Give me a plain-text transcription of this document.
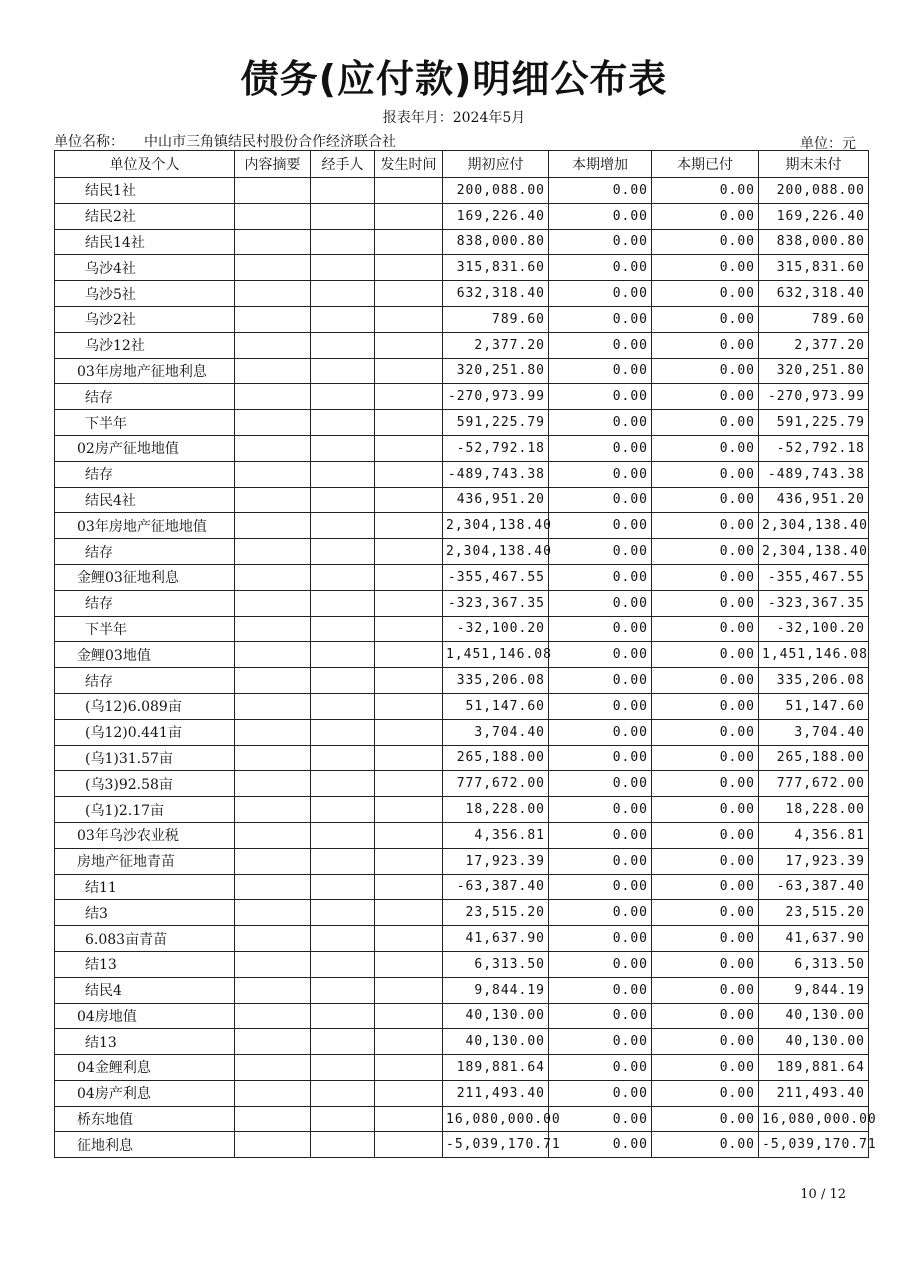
债务(应付款)明细公布表
报表年月：2024年5月
单位名称： 中山市三角镇结民村股份合作经济联合社	单位：元
单位及个人	内容摘要	经手人	发生时间	期初应付	本期增加	本期已付	期末未付
结民1社				200,088.00	0.00	0.00	200,088.00
结民2社				169,226.40	0.00	0.00	169,226.40
结民14社				838,000.80	0.00	0.00	838,000.80
乌沙4社				315,831.60	0.00	0.00	315,831.60
乌沙5社				632,318.40	0.00	0.00	632,318.40
乌沙2社				789.60	0.00	0.00	789.60
乌沙12社				2,377.20	0.00	0.00	2,377.20
03年房地产征地利息				320,251.80	0.00	0.00	320,251.80
结存				-270,973.99	0.00	0.00	-270,973.99
下半年				591,225.79	0.00	0.00	591,225.79
02房产征地地值				-52,792.18	0.00	0.00	-52,792.18
结存				-489,743.38	0.00	0.00	-489,743.38
结民4社				436,951.20	0.00	0.00	436,951.20
03年房地产征地地值				2,304,138.40	0.00	0.00	2,304,138.40
结存				2,304,138.40	0.00	0.00	2,304,138.40
金鲤03征地利息				-355,467.55	0.00	0.00	-355,467.55
结存				-323,367.35	0.00	0.00	-323,367.35
下半年				-32,100.20	0.00	0.00	-32,100.20
金鲤03地值				1,451,146.08	0.00	0.00	1,451,146.08
结存				335,206.08	0.00	0.00	335,206.08
(乌12)6.089亩				51,147.60	0.00	0.00	51,147.60
(乌12)0.441亩				3,704.40	0.00	0.00	3,704.40
(乌1)31.57亩				265,188.00	0.00	0.00	265,188.00
(乌3)92.58亩				777,672.00	0.00	0.00	777,672.00
(乌1)2.17亩				18,228.00	0.00	0.00	18,228.00
03年乌沙农业税				4,356.81	0.00	0.00	4,356.81
房地产征地青苗				17,923.39	0.00	0.00	17,923.39
结11				-63,387.40	0.00	0.00	-63,387.40
结3				23,515.20	0.00	0.00	23,515.20
6.083亩青苗				41,637.90	0.00	0.00	41,637.90
结13				6,313.50	0.00	0.00	6,313.50
结民4				9,844.19	0.00	0.00	9,844.19
04房地值				40,130.00	0.00	0.00	40,130.00
结13				40,130.00	0.00	0.00	40,130.00
04金鲤利息				189,881.64	0.00	0.00	189,881.64
04房产利息				211,493.40	0.00	0.00	211,493.40
桥东地值				16,080,000.00	0.00	0.00	16,080,000.00
征地利息				-5,039,170.71	0.00	0.00	-5,039,170.71
10 / 12
